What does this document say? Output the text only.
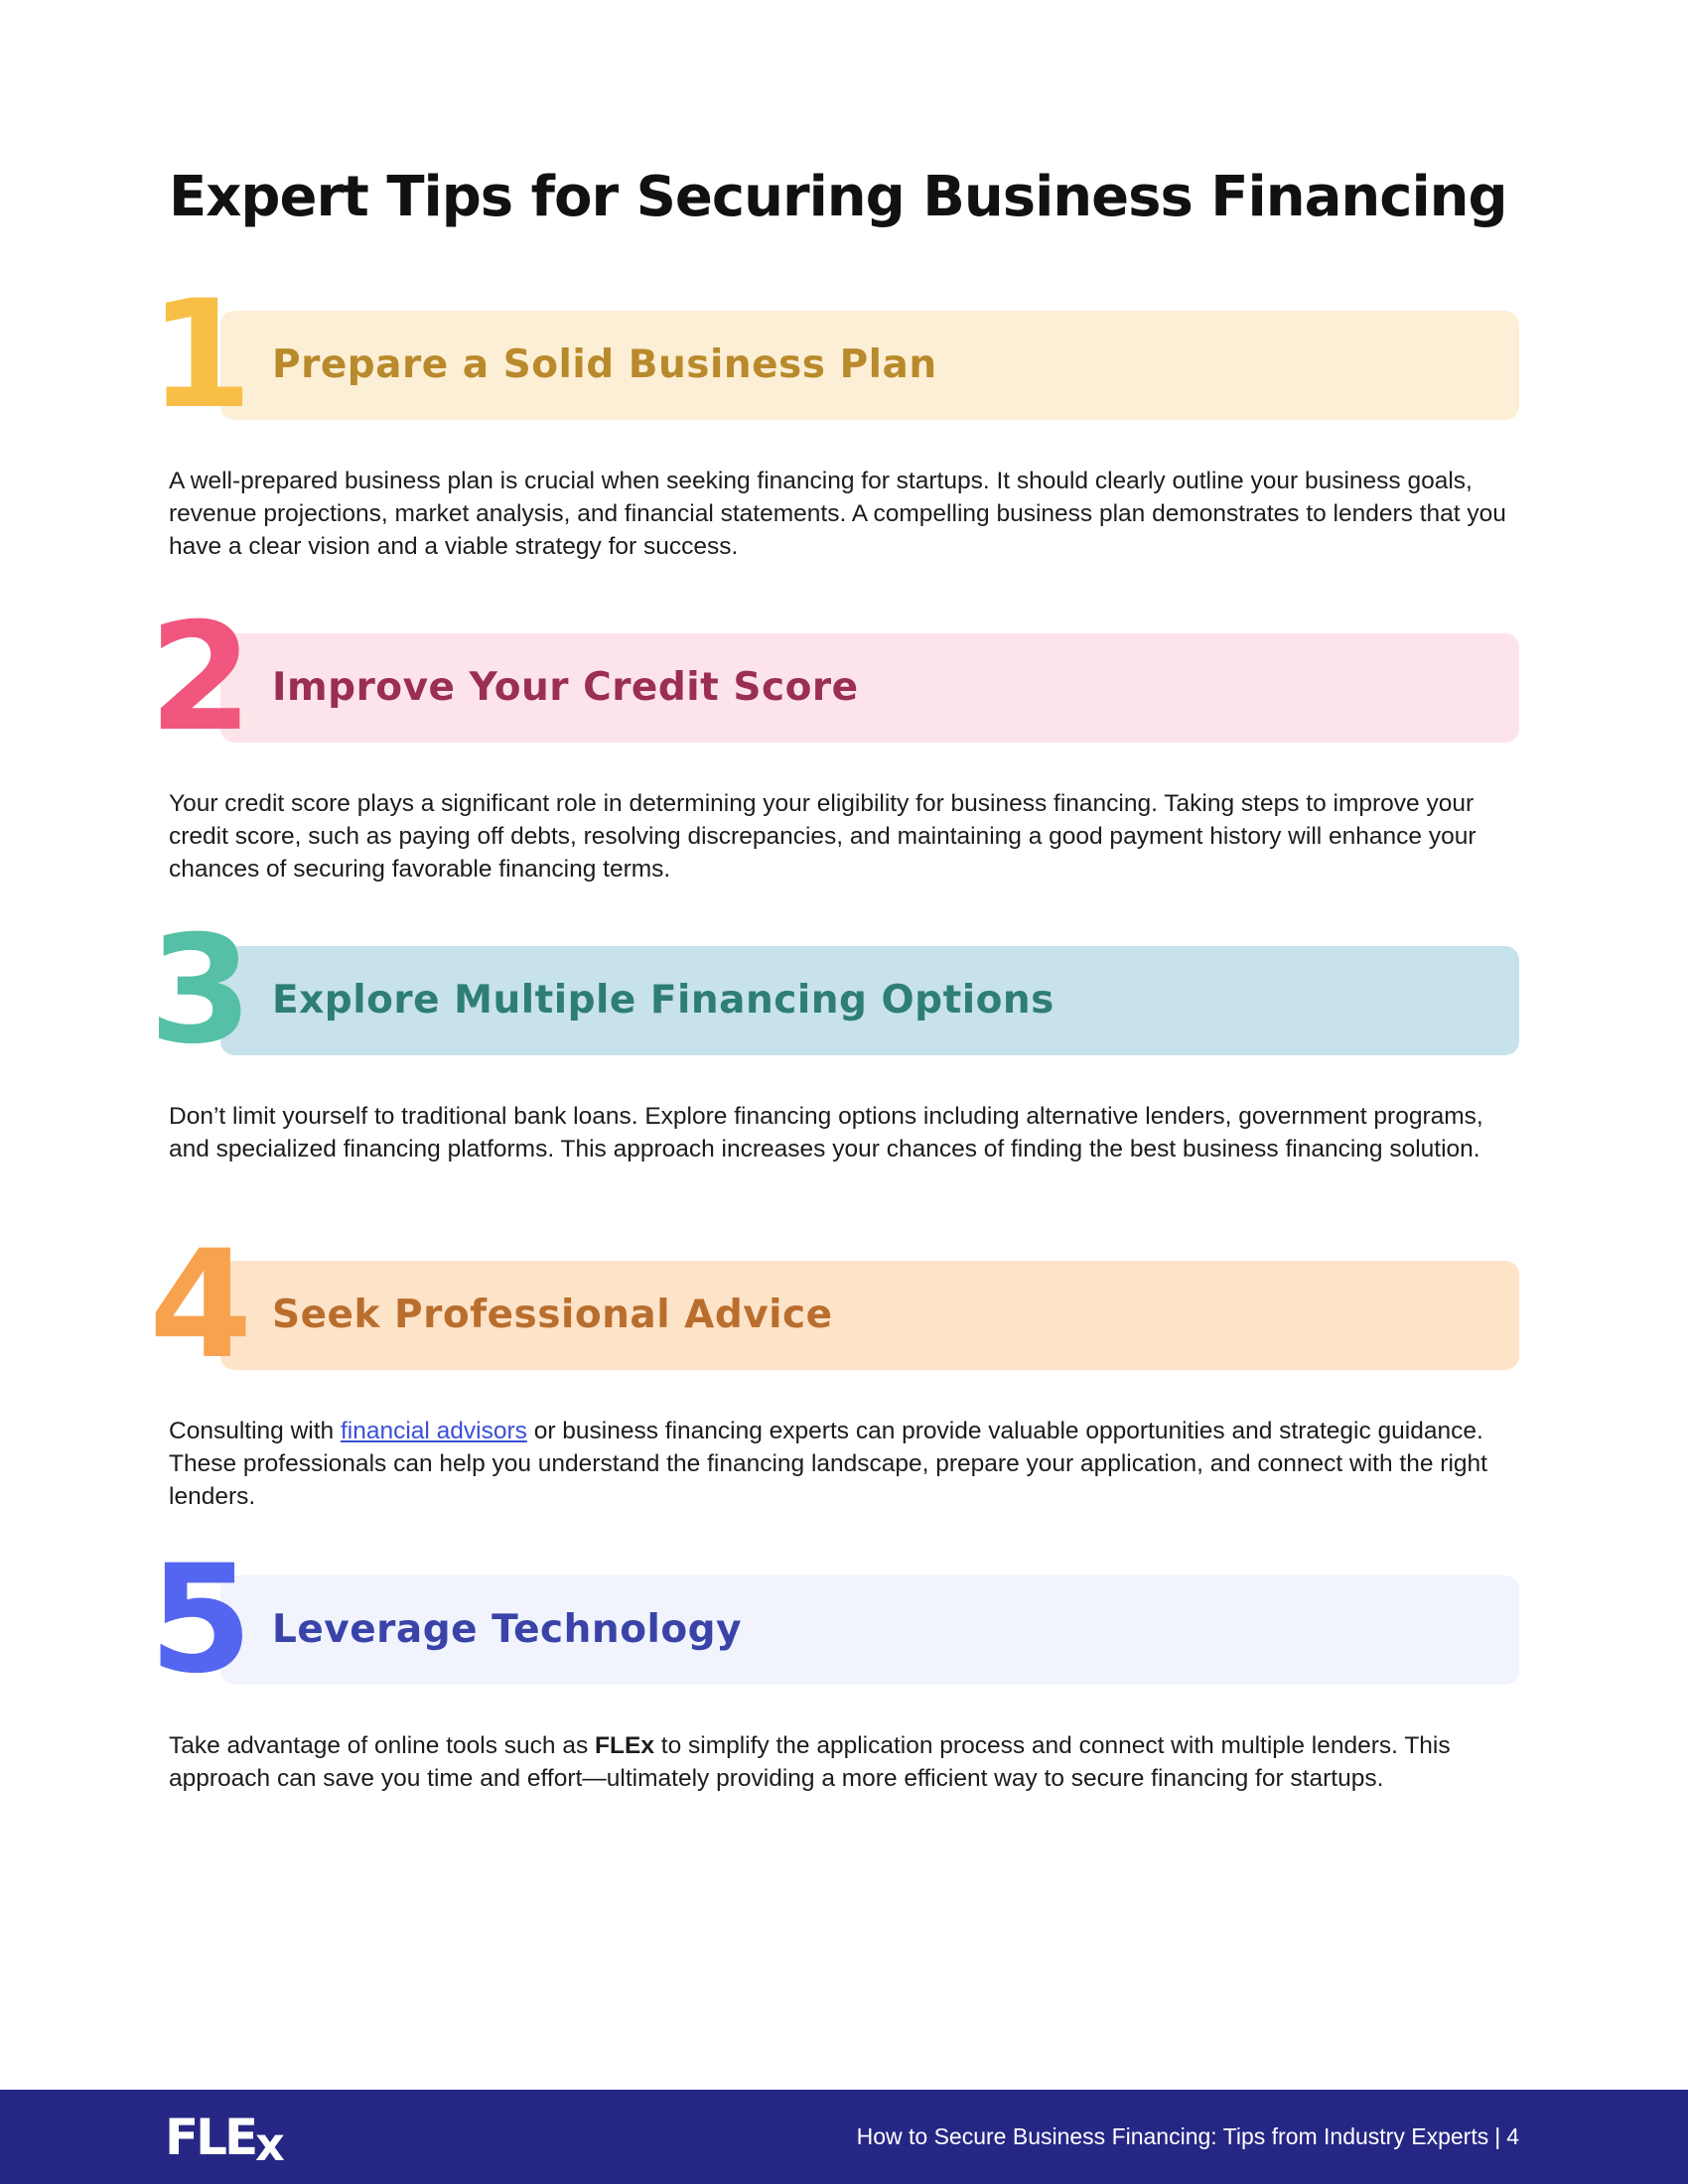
Expert Tips for Securing Business Financing
1 Prepare a Solid Business Plan

A well-prepared business plan is crucial when seeking financing for startups. It should clearly outline your business goals, revenue projections, market analysis, and financial statements. A compelling business plan demonstrates to lenders that you have a clear vision and a viable strategy for success.

2 Improve Your Credit Score

Your credit score plays a significant role in determining your eligibility for business financing. Taking steps to improve your credit score, such as paying off debts, resolving discrepancies, and maintaining a good payment history will enhance your chances of securing favorable financing terms.

3 Explore Multiple Financing Options

Don’t limit yourself to traditional bank loans. Explore financing options including alternative lenders, government programs, and specialized financing platforms. This approach increases your chances of finding the best business financing solution.

4 Seek Professional Advice

Consulting with financial advisors or business financing experts can provide valuable opportunities and strategic guidance. These professionals can help you understand the financing landscape, prepare your application, and connect with the right lenders.

5 Leverage Technology

Take advantage of online tools such as FLEx to simplify the application process and connect with multiple lenders. This approach can save you time and effort—ultimately providing a more efficient way to secure financing for startups.

FLEx	How to Secure Business Financing: Tips from Industry Experts | 4
